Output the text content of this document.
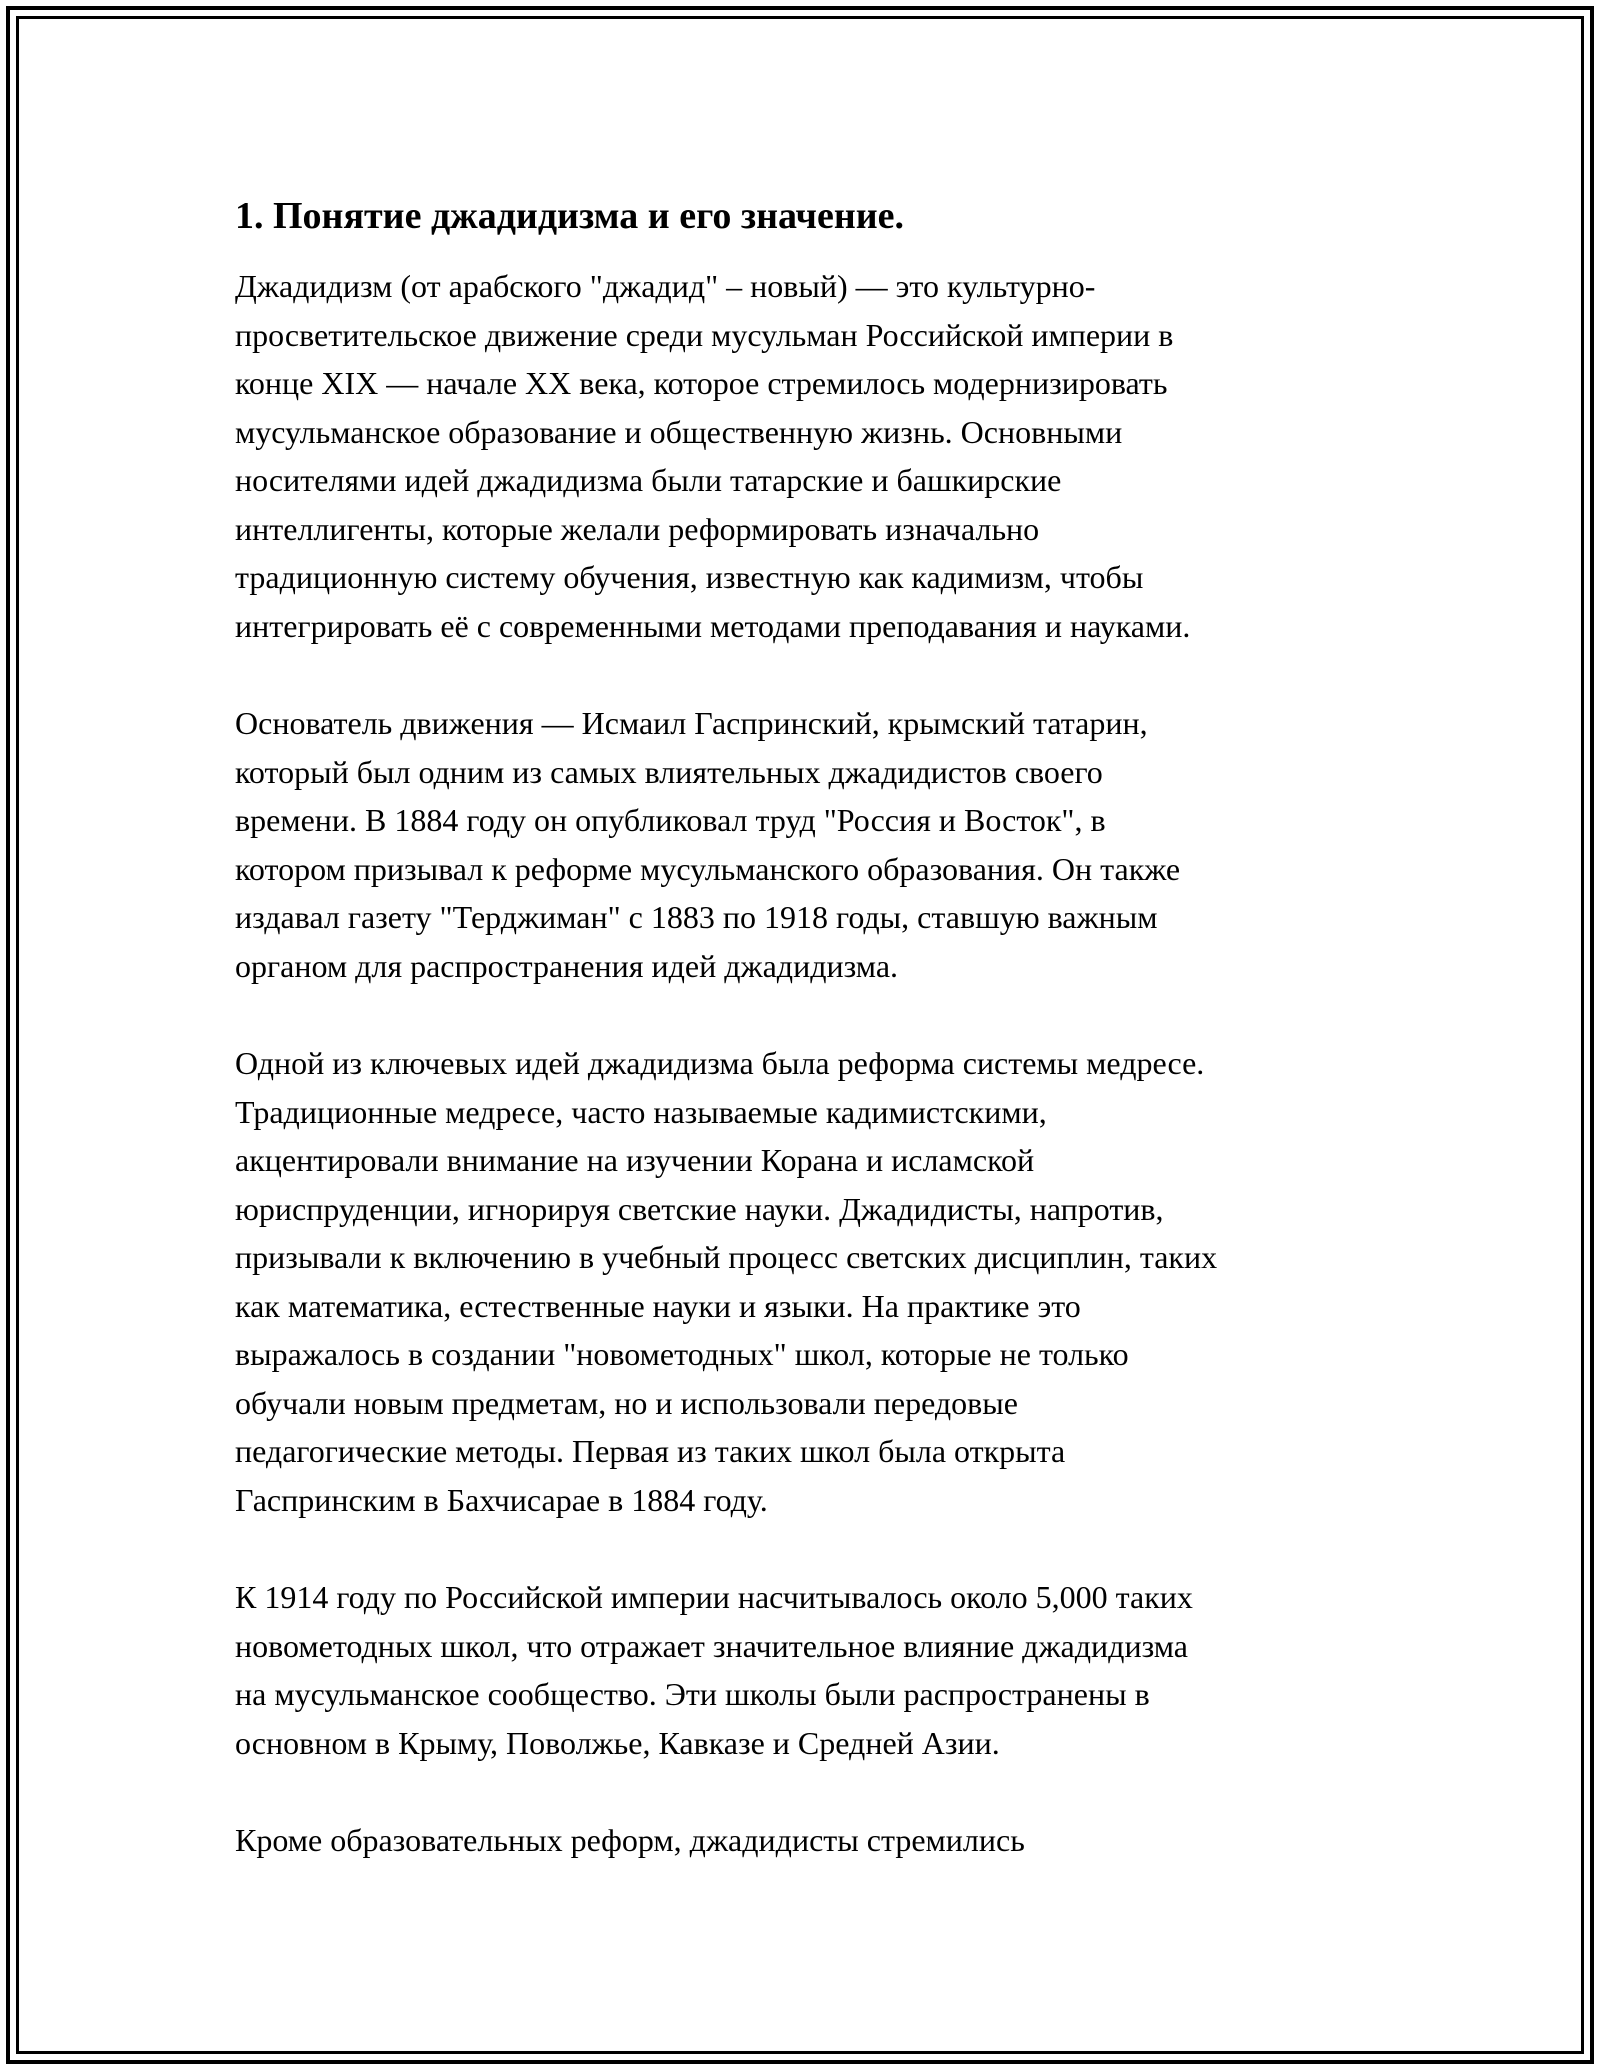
1. Понятие джадидизма и его значение.

Джадидизм (от арабского "джадид" – новый) — это культурно-
просветительское движение среди мусульман Российской империи в
конце XIX — начале XX века, которое стремилось модернизировать
мусульманское образование и общественную жизнь. Основными
носителями идей джадидизма были татарские и башкирские
интеллигенты, которые желали реформировать изначально
традиционную систему обучения, известную как кадимизм, чтобы
интегрировать её с современными методами преподавания и науками.

Основатель движения — Исмаил Гаспринский, крымский татарин,
который был одним из самых влиятельных джадидистов своего
времени. В 1884 году он опубликовал труд "Россия и Восток", в
котором призывал к реформе мусульманского образования. Он также
издавал газету "Терджиман" с 1883 по 1918 годы, ставшую важным
органом для распространения идей джадидизма.

Одной из ключевых идей джадидизма была реформа системы медресе.
Традиционные медресе, часто называемые кадимистскими,
акцентировали внимание на изучении Корана и исламской
юриспруденции, игнорируя светские науки. Джадидисты, напротив,
призывали к включению в учебный процесс светских дисциплин, таких
как математика, естественные науки и языки. На практике это
выражалось в создании "новометодных" школ, которые не только
обучали новым предметам, но и использовали передовые
педагогические методы. Первая из таких школ была открыта
Гаспринским в Бахчисарае в 1884 году.

К 1914 году по Российской империи насчитывалось около 5,000 таких
новометодных школ, что отражает значительное влияние джадидизма
на мусульманское сообщество. Эти школы были распространены в
основном в Крыму, Поволжье, Кавказе и Средней Азии.

Кроме образовательных реформ, джадидисты стремились
